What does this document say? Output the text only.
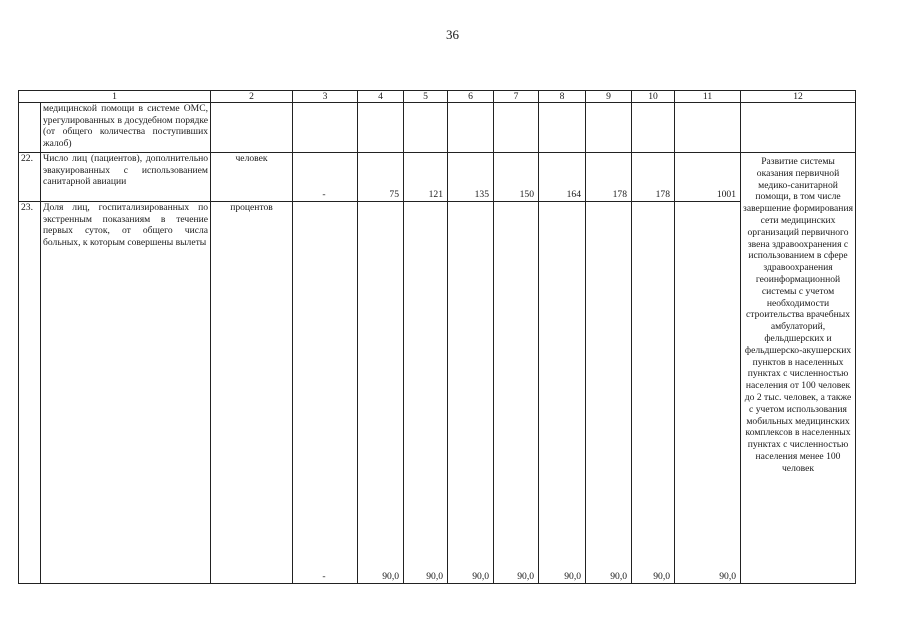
36
1		2	3	4	5	6	7	8	9	10	11	12
	медицинской помощи в системе ОМС, урегулированных в досудебном порядке (от общего количества поступивших жалоб)											
22.	Число лиц (пациентов), дополнительно эвакуированных с использованием санитарной авиации	человек	-	75	121	135	150	164	178	178	1001	Развитие системы оказания первичной медико-санитарной помощи, в том числе завершение формирования сети медицинских организаций первичного звена здравоохранения с использованием в сфере здравоохранения геоинформационной системы с учетом необходимости строительства врачебных амбулаторий, фельдшерских и фельдшерско-акушерских пунктов в населенных пунктах с численностью населения от 100 человек до 2 тыс. человек, а также с учетом использования мобильных медицинских комплексов в населенных пунктах с численностью населения менее 100 человек
23.	Доля лиц, госпитализированных по экстренным показаниям в течение первых суток, от общего числа больных, к которым совершены вылеты	процентов	-	90,0	90,0	90,0	90,0	90,0	90,0	90,0	90,0	
